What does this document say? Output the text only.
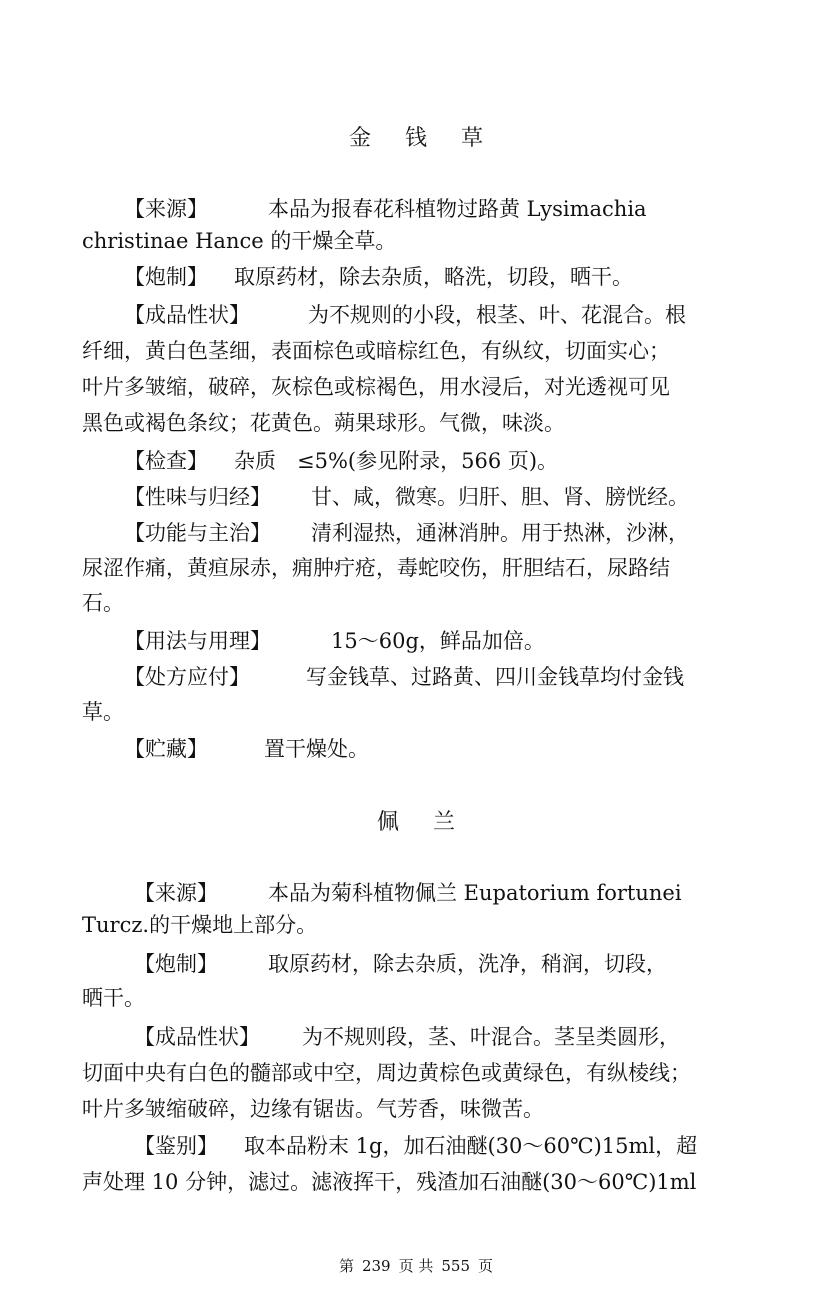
金 钱 草
【来源】	本品为报春花科植物过路黄 Lysimachia
christinae Hance 的干燥全草。
【炮制】 取原药材，除去杂质，略洗，切段，晒干。
【成品性状】	为不规则的小段，根茎、叶、花混合。根
纤细，黄白色茎细，表面棕色或暗棕红色，有纵纹，切面实心；
叶片多皱缩，破碎，灰棕色或棕褐色，用水浸后，对光透视可见
黑色或褐色条纹；花黄色。蒴果球形。气微，味淡。
【检查】 杂质　≤5%(参见附录，566 页)。
【性味与归经】 甘、咸，微寒。归肝、胆、肾、膀恍经。
【功能与主治】 清利湿热，通淋消肿。用于热淋，沙淋，
尿涩作痛，黄疸尿赤，痈肿疔疮，毒蛇咬伤，肝胆结石，尿路结
石。
【用法与用理】	15～60g，鲜品加倍。
【处方应付】	写金钱草、过路黄、四川金钱草均付金钱
草。
【贮藏】	置干燥处。
佩 兰
【来源】 本品为菊科植物佩兰 Eupatorium fortunei
Turcz.的干燥地上部分。
【炮制】 取原药材，除去杂质，洗净，稍润，切段，
晒干。
【成品性状】 为不规则段，茎、叶混合。茎呈类圆形，
切面中央有白色的髓部或中空，周边黄棕色或黄绿色，有纵棱线；
叶片多皱缩破碎，边缘有锯齿。气芳香，味微苦。
【鉴别】 取本品粉末 1g，加石油醚(30～60℃)15ml，超
声处理 10 分钟，滤过。滤液挥干，残渣加石油醚(30～60℃)1ml
第 239 页 共 555 页
